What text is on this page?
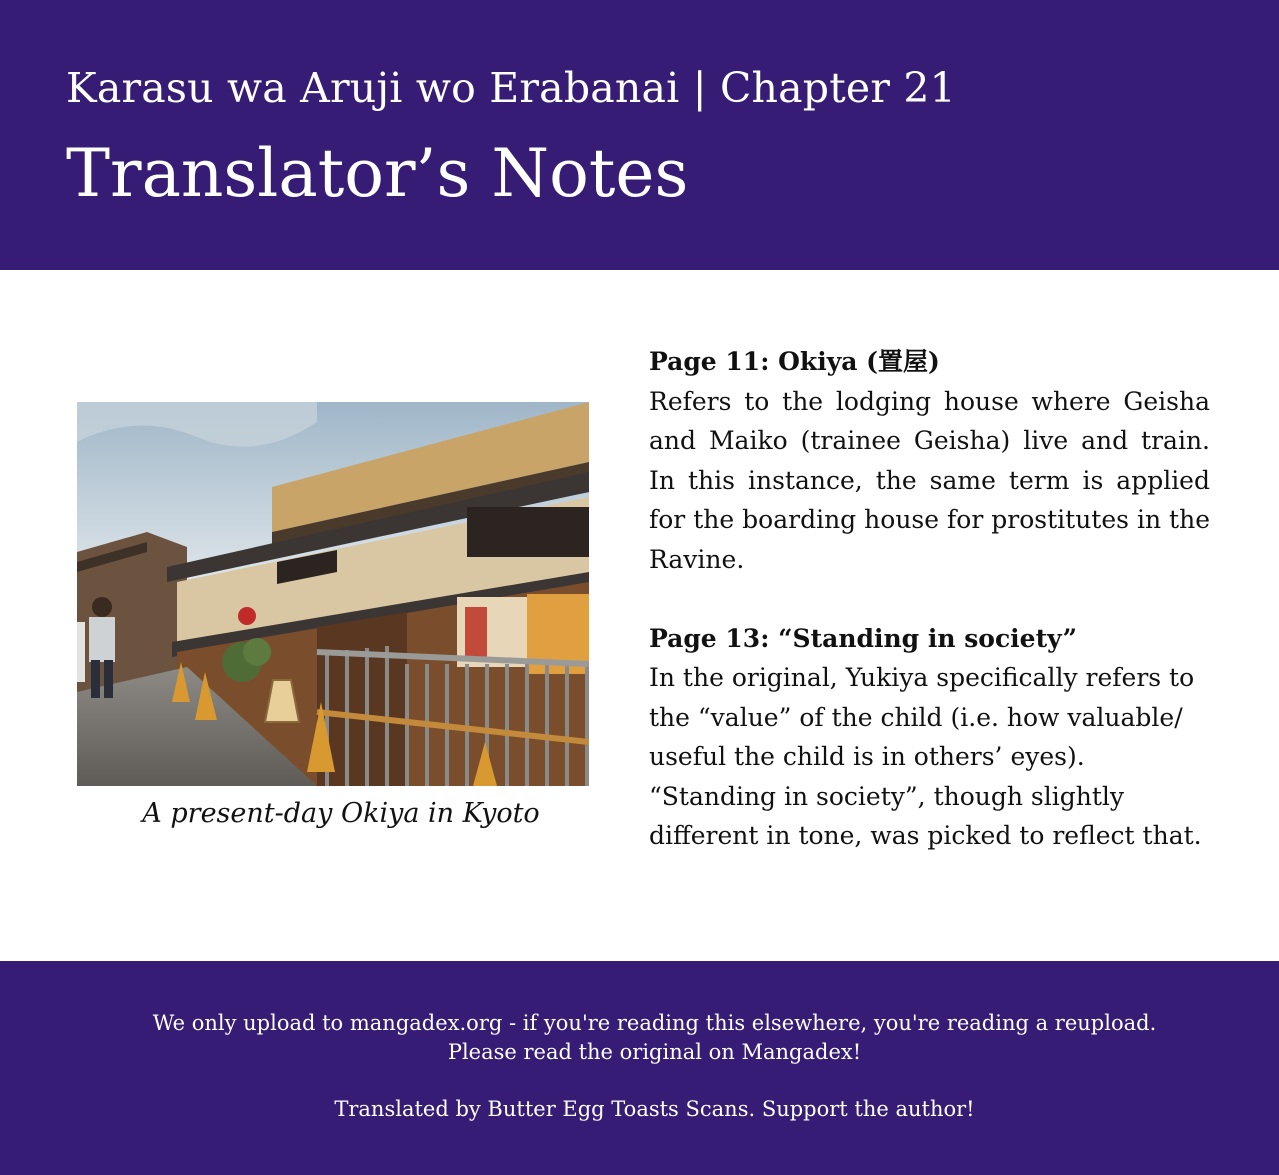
Karasu wa Aruji wo Erabanai | Chapter 21
Translator’s Notes
A present-day Okiya in Kyoto
Page 11: Okiya (置屋)
Refers to the lodging house where Geisha and Maiko (trainee Geisha) live and train. In this instance, the same term is applied for the boarding house for prostitutes in the Ravine.
Page 13: “Standing in society”
In the original, Yukiya specifically refers to the “value” of the child (i.e. how valuable/ useful the child is in others’ eyes). “Standing in society”, though slightly different in tone, was picked to reflect that.
We only upload to mangadex.org - if you're reading this elsewhere, you're reading a reupload.
Please read the original on Mangadex!
Translated by Butter Egg Toasts Scans. Support the author!
